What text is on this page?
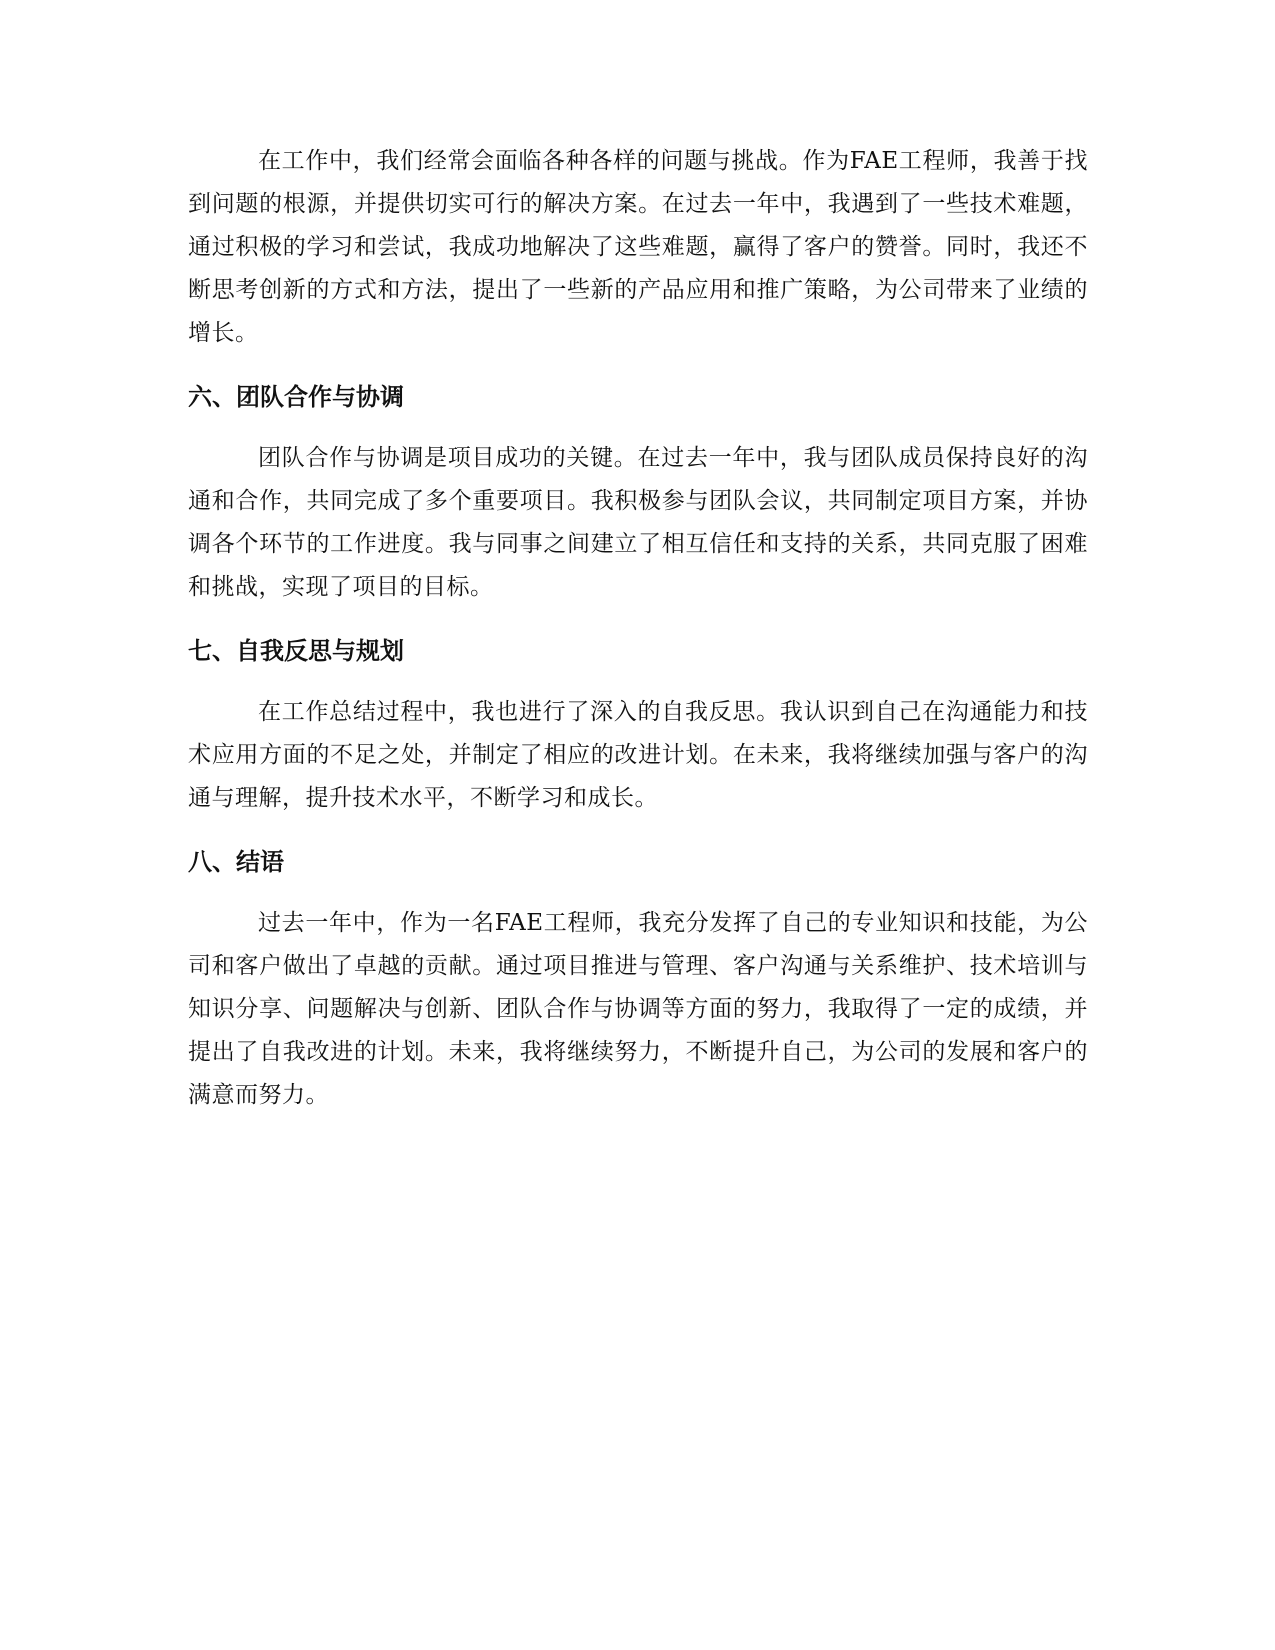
在工作中，我们经常会面临各种各样的问题与挑战。作为FAE工程师，我善于找到问题的根源，并提供切实可行的解决方案。在过去一年中，我遇到了一些技术难题，通过积极的学习和尝试，我成功地解决了这些难题，赢得了客户的赞誉。同时，我还不断思考创新的方式和方法，提出了一些新的产品应用和推广策略，为公司带来了业绩的增长。

六、团队合作与协调

团队合作与协调是项目成功的关键。在过去一年中，我与团队成员保持良好的沟通和合作，共同完成了多个重要项目。我积极参与团队会议，共同制定项目方案，并协调各个环节的工作进度。我与同事之间建立了相互信任和支持的关系，共同克服了困难和挑战，实现了项目的目标。

七、自我反思与规划

在工作总结过程中，我也进行了深入的自我反思。我认识到自己在沟通能力和技术应用方面的不足之处，并制定了相应的改进计划。在未来，我将继续加强与客户的沟通与理解，提升技术水平，不断学习和成长。

八、结语

过去一年中，作为一名FAE工程师，我充分发挥了自己的专业知识和技能，为公司和客户做出了卓越的贡献。通过项目推进与管理、客户沟通与关系维护、技术培训与知识分享、问题解决与创新、团队合作与协调等方面的努力，我取得了一定的成绩，并提出了自我改进的计划。未来，我将继续努力，不断提升自己，为公司的发展和客户的满意而努力。
